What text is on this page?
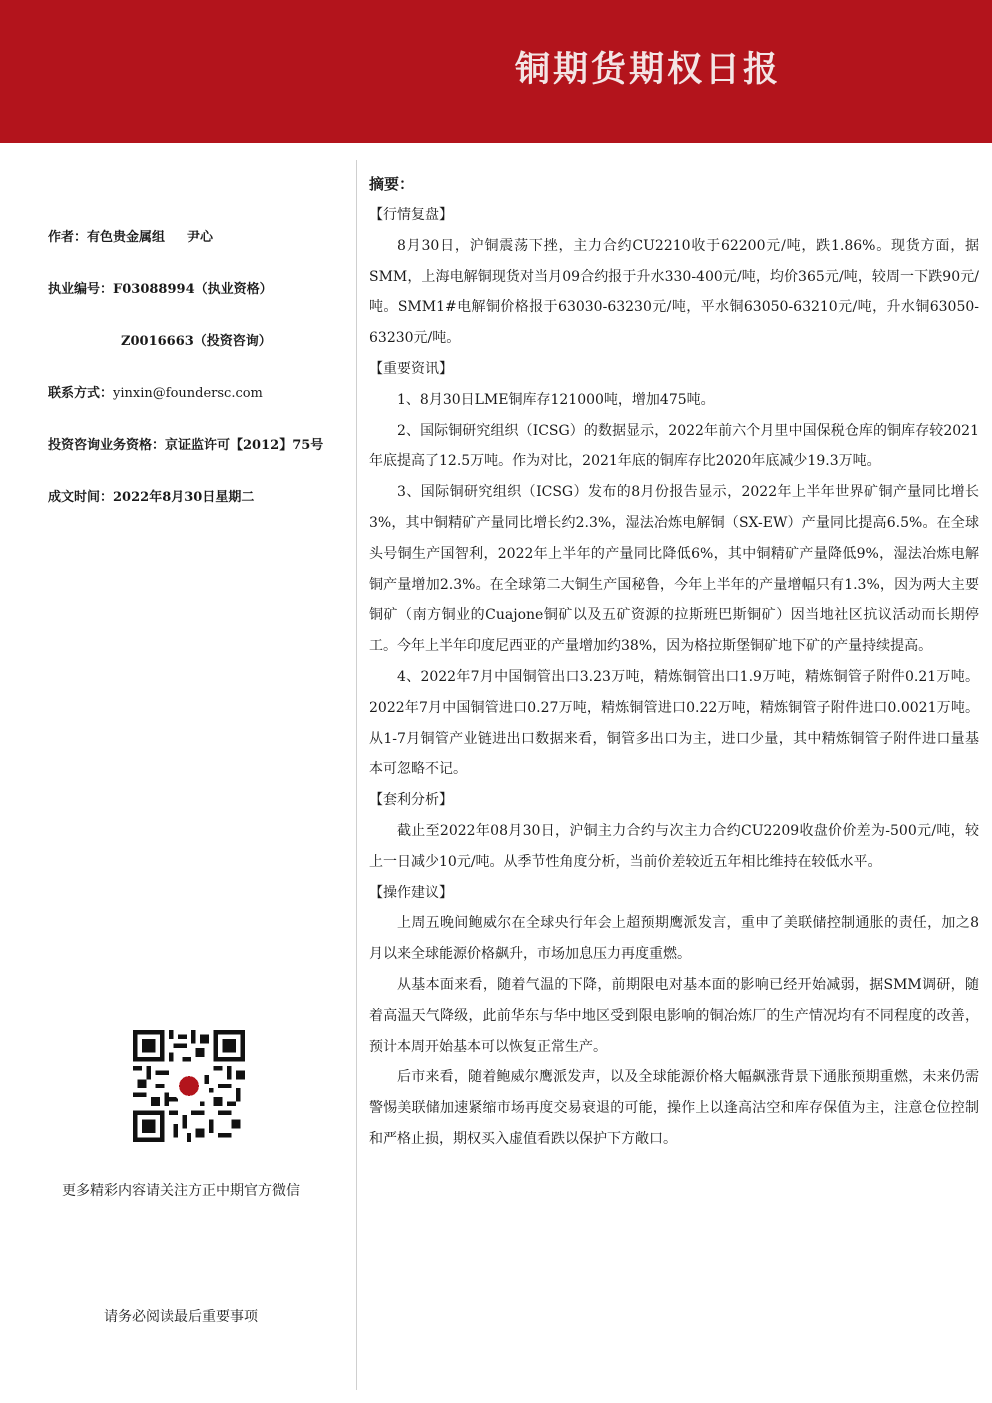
铜期货期权日报
作者：有色贵金属组 尹心
执业编号：F03088994（执业资格）
Z0016663（投资咨询）
联系方式：yinxin@foundersc.com
投资咨询业务资格：京证监许可【2012】75号
成文时间：2022年8月30日星期二
更多精彩内容请关注方正中期官方微信
请务必阅读最后重要事项
摘要：

【行情复盘】

8月30日，沪铜震荡下挫，主力合约CU2210收于62200元/吨，跌1.86%。现货方面，据SMM，上海电解铜现货对当月09合约报于升水330-400元/吨，均价365元/吨，较周一下跌90元/吨。SMM1#电解铜价格报于63030-63230元/吨，平水铜63050-63210元/吨，升水铜63050-63230元/吨。

【重要资讯】

1、8月30日LME铜库存121000吨，增加475吨。

2、国际铜研究组织（ICSG）的数据显示，2022年前六个月里中国保税仓库的铜库存较2021年底提高了12.5万吨。作为对比，2021年底的铜库存比2020年底减少19.3万吨。

3、国际铜研究组织（ICSG）发布的8月份报告显示，2022年上半年世界矿铜产量同比增长3%，其中铜精矿产量同比增长约2.3%，湿法冶炼电解铜（SX-EW）产量同比提高6.5%。在全球头号铜生产国智利，2022年上半年的产量同比降低6%，其中铜精矿产量降低9%，湿法冶炼电解铜产量增加2.3%。在全球第二大铜生产国秘鲁，今年上半年的产量增幅只有1.3%，因为两大主要铜矿（南方铜业的Cuajone铜矿以及五矿资源的拉斯班巴斯铜矿）因当地社区抗议活动而长期停工。今年上半年印度尼西亚的产量增加约38%，因为格拉斯堡铜矿地下矿的产量持续提高。

4、2022年7月中国铜管出口3.23万吨，精炼铜管出口1.9万吨，精炼铜管子附件0.21万吨。2022年7月中国铜管进口0.27万吨，精炼铜管进口0.22万吨，精炼铜管子附件进口0.0021万吨。从1-7月铜管产业链进出口数据来看，铜管多出口为主，进口少量，其中精炼铜管子附件进口量基本可忽略不记。

【套利分析】

截止至2022年08月30日，沪铜主力合约与次主力合约CU2209收盘价价差为-500元/吨，较上一日减少10元/吨。从季节性角度分析，当前价差较近五年相比维持在较低水平。

【操作建议】

上周五晚间鲍威尔在全球央行年会上超预期鹰派发言，重申了美联储控制通胀的责任，加之8月以来全球能源价格飙升，市场加息压力再度重燃。

从基本面来看，随着气温的下降，前期限电对基本面的影响已经开始减弱，据SMM调研，随着高温天气降级，此前华东与华中地区受到限电影响的铜冶炼厂的生产情况均有不同程度的改善，预计本周开始基本可以恢复正常生产。

后市来看，随着鲍威尔鹰派发声，以及全球能源价格大幅飙涨背景下通胀预期重燃，未来仍需警惕美联储加速紧缩市场再度交易衰退的可能，操作上以逢高沽空和库存保值为主，注意仓位控制和严格止损，期权买入虚值看跌以保护下方敞口。
